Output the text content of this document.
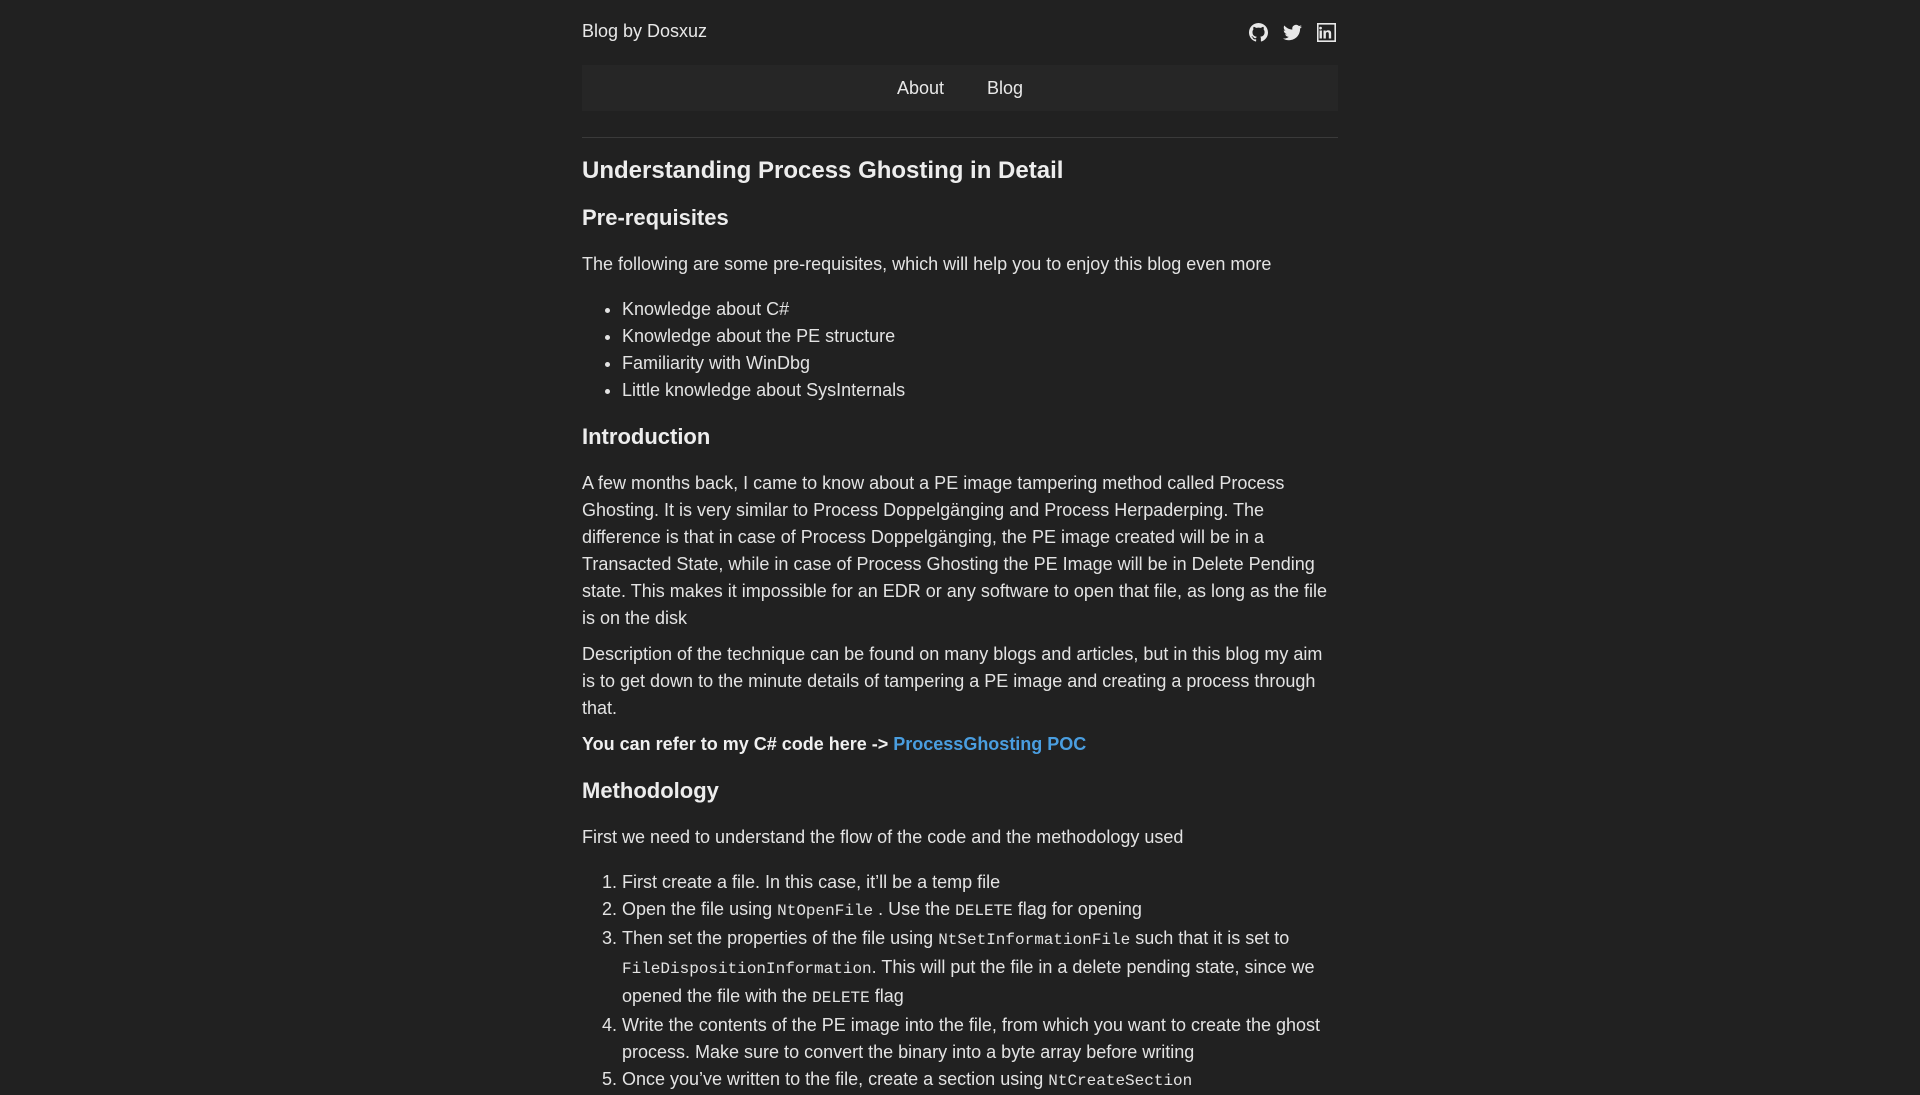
Blog by Dosxuz
About Blog
Understanding Process Ghosting in Detail
Pre-requisites

The following are some pre-requisites, which will help you to enjoy this blog even more

• Knowledge about C#
• Knowledge about the PE structure
• Familiarity with WinDbg
• Little knowledge about SysInternals
Introduction

A few months back, I came to know about a PE image tampering method called Process Ghosting. It is very similar to Process Doppelgänging and Process Herpaderping. The difference is that in case of Process Doppelgänging, the PE image created will be in a Transacted State, while in case of Process Ghosting the PE Image will be in Delete Pending state. This makes it impossible for an EDR or any software to open that file, as long as the file is on the disk

Description of the technique can be found on many blogs and articles, but in this blog my aim is to get down to the minute details of tampering a PE image and creating a process through that.

You can refer to my C# code here -> ProcessGhosting POC

Methodology

First we need to understand the flow of the code and the methodology used

1. First create a file. In this case, it’ll be a temp file
2. Open the file using NtOpenFile . Use the DELETE flag for opening
3. Then set the properties of the file using NtSetInformationFile such that it is set to FileDispositionInformation. This will put the file in a delete pending state, since we opened the file with the DELETE flag
4. Write the contents of the PE image into the file, from which you want to create the ghost process. Make sure to convert the binary into a byte array before writing
5. Once you’ve written to the file, create a section using NtCreateSection
